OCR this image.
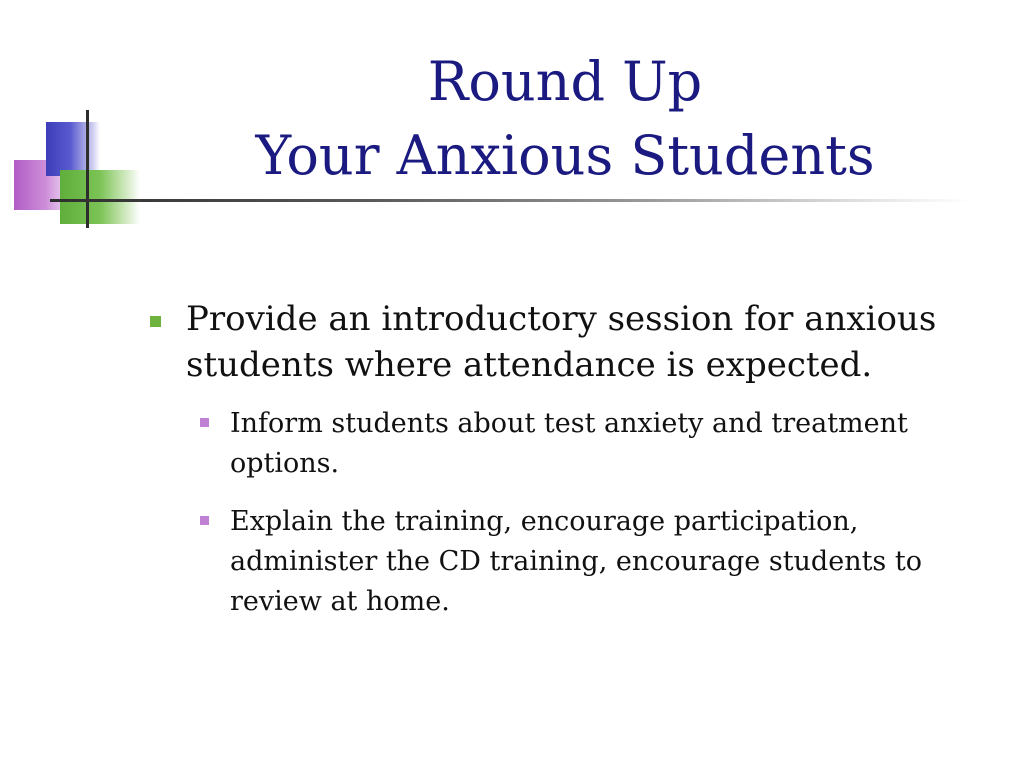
Round Up
Your Anxious Students
Provide an introductory session for anxious students where attendance is expected.
Inform students about test anxiety and treatment options.
Explain the training, encourage participation, administer the CD training, encourage students to review at home.
